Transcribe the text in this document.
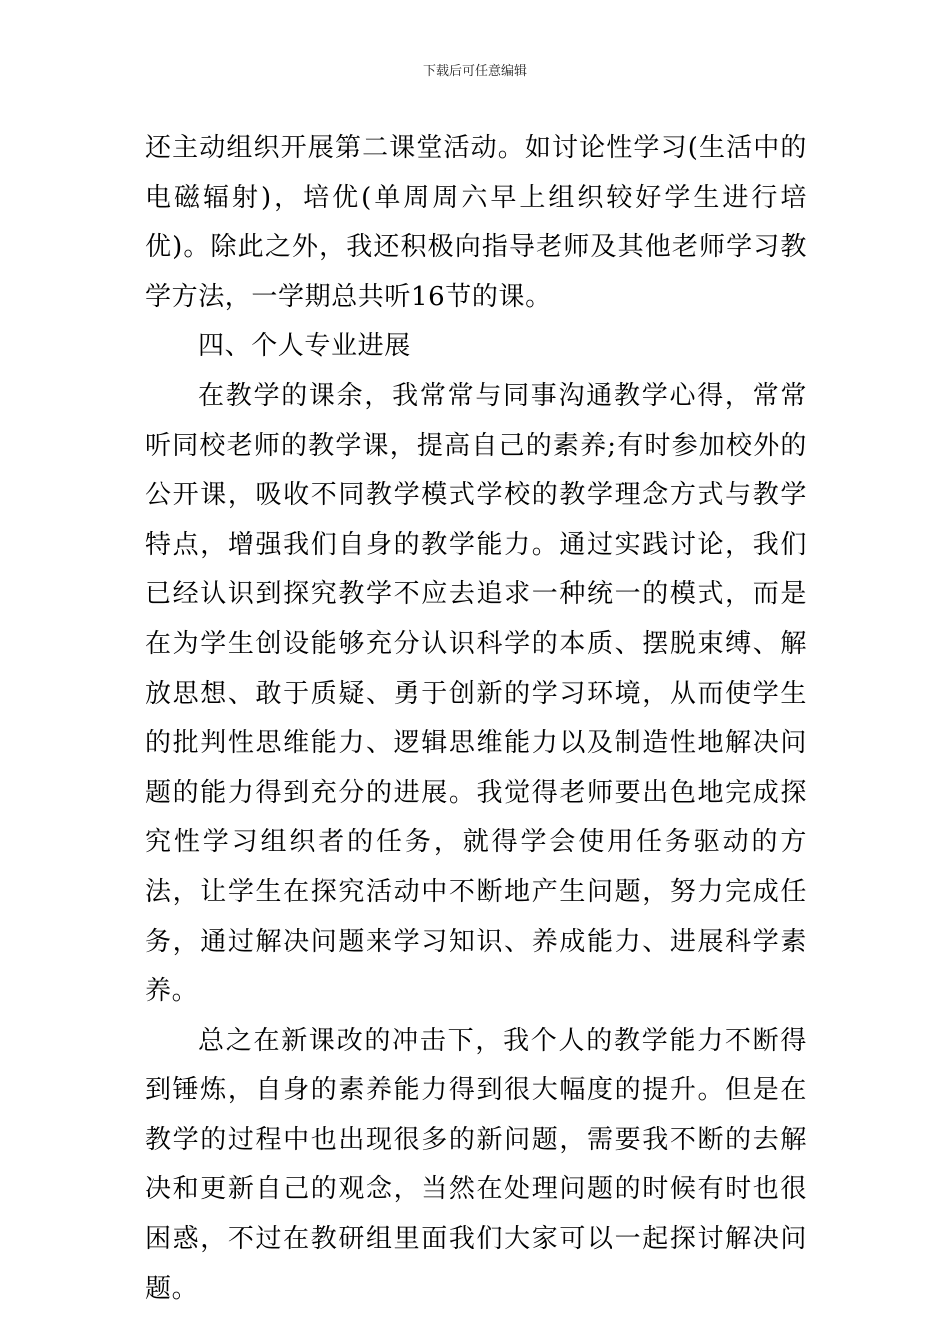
下载后可任意编辑

还主动组织开展第二课堂活动。如讨论性学习(生活中的电磁辐射)，培优(单周周六早上组织较好学生进行培优)。除此之外，我还积极向指导老师及其他老师学习教学方法，一学期总共听16节的课。

四、个人专业进展

在教学的课余，我常常与同事沟通教学心得，常常听同校老师的教学课，提高自己的素养;有时参加校外的公开课，吸收不同教学模式学校的教学理念方式与教学特点，增强我们自身的教学能力。通过实践讨论，我们已经认识到探究教学不应去追求一种统一的模式，而是在为学生创设能够充分认识科学的本质、摆脱束缚、解放思想、敢于质疑、勇于创新的学习环境，从而使学生的批判性思维能力、逻辑思维能力以及制造性地解决问题的能力得到充分的进展。我觉得老师要出色地完成探究性学习组织者的任务，就得学会使用任务驱动的方法，让学生在探究活动中不断地产生问题，努力完成任务，通过解决问题来学习知识、养成能力、进展科学素养。

总之在新课改的冲击下，我个人的教学能力不断得到锤炼，自身的素养能力得到很大幅度的提升。但是在教学的过程中也出现很多的新问题，需要我不断的去解决和更新自己的观念，当然在处理问题的时候有时也很困惑，不过在教研组里面我们大家可以一起探讨解决问题。
